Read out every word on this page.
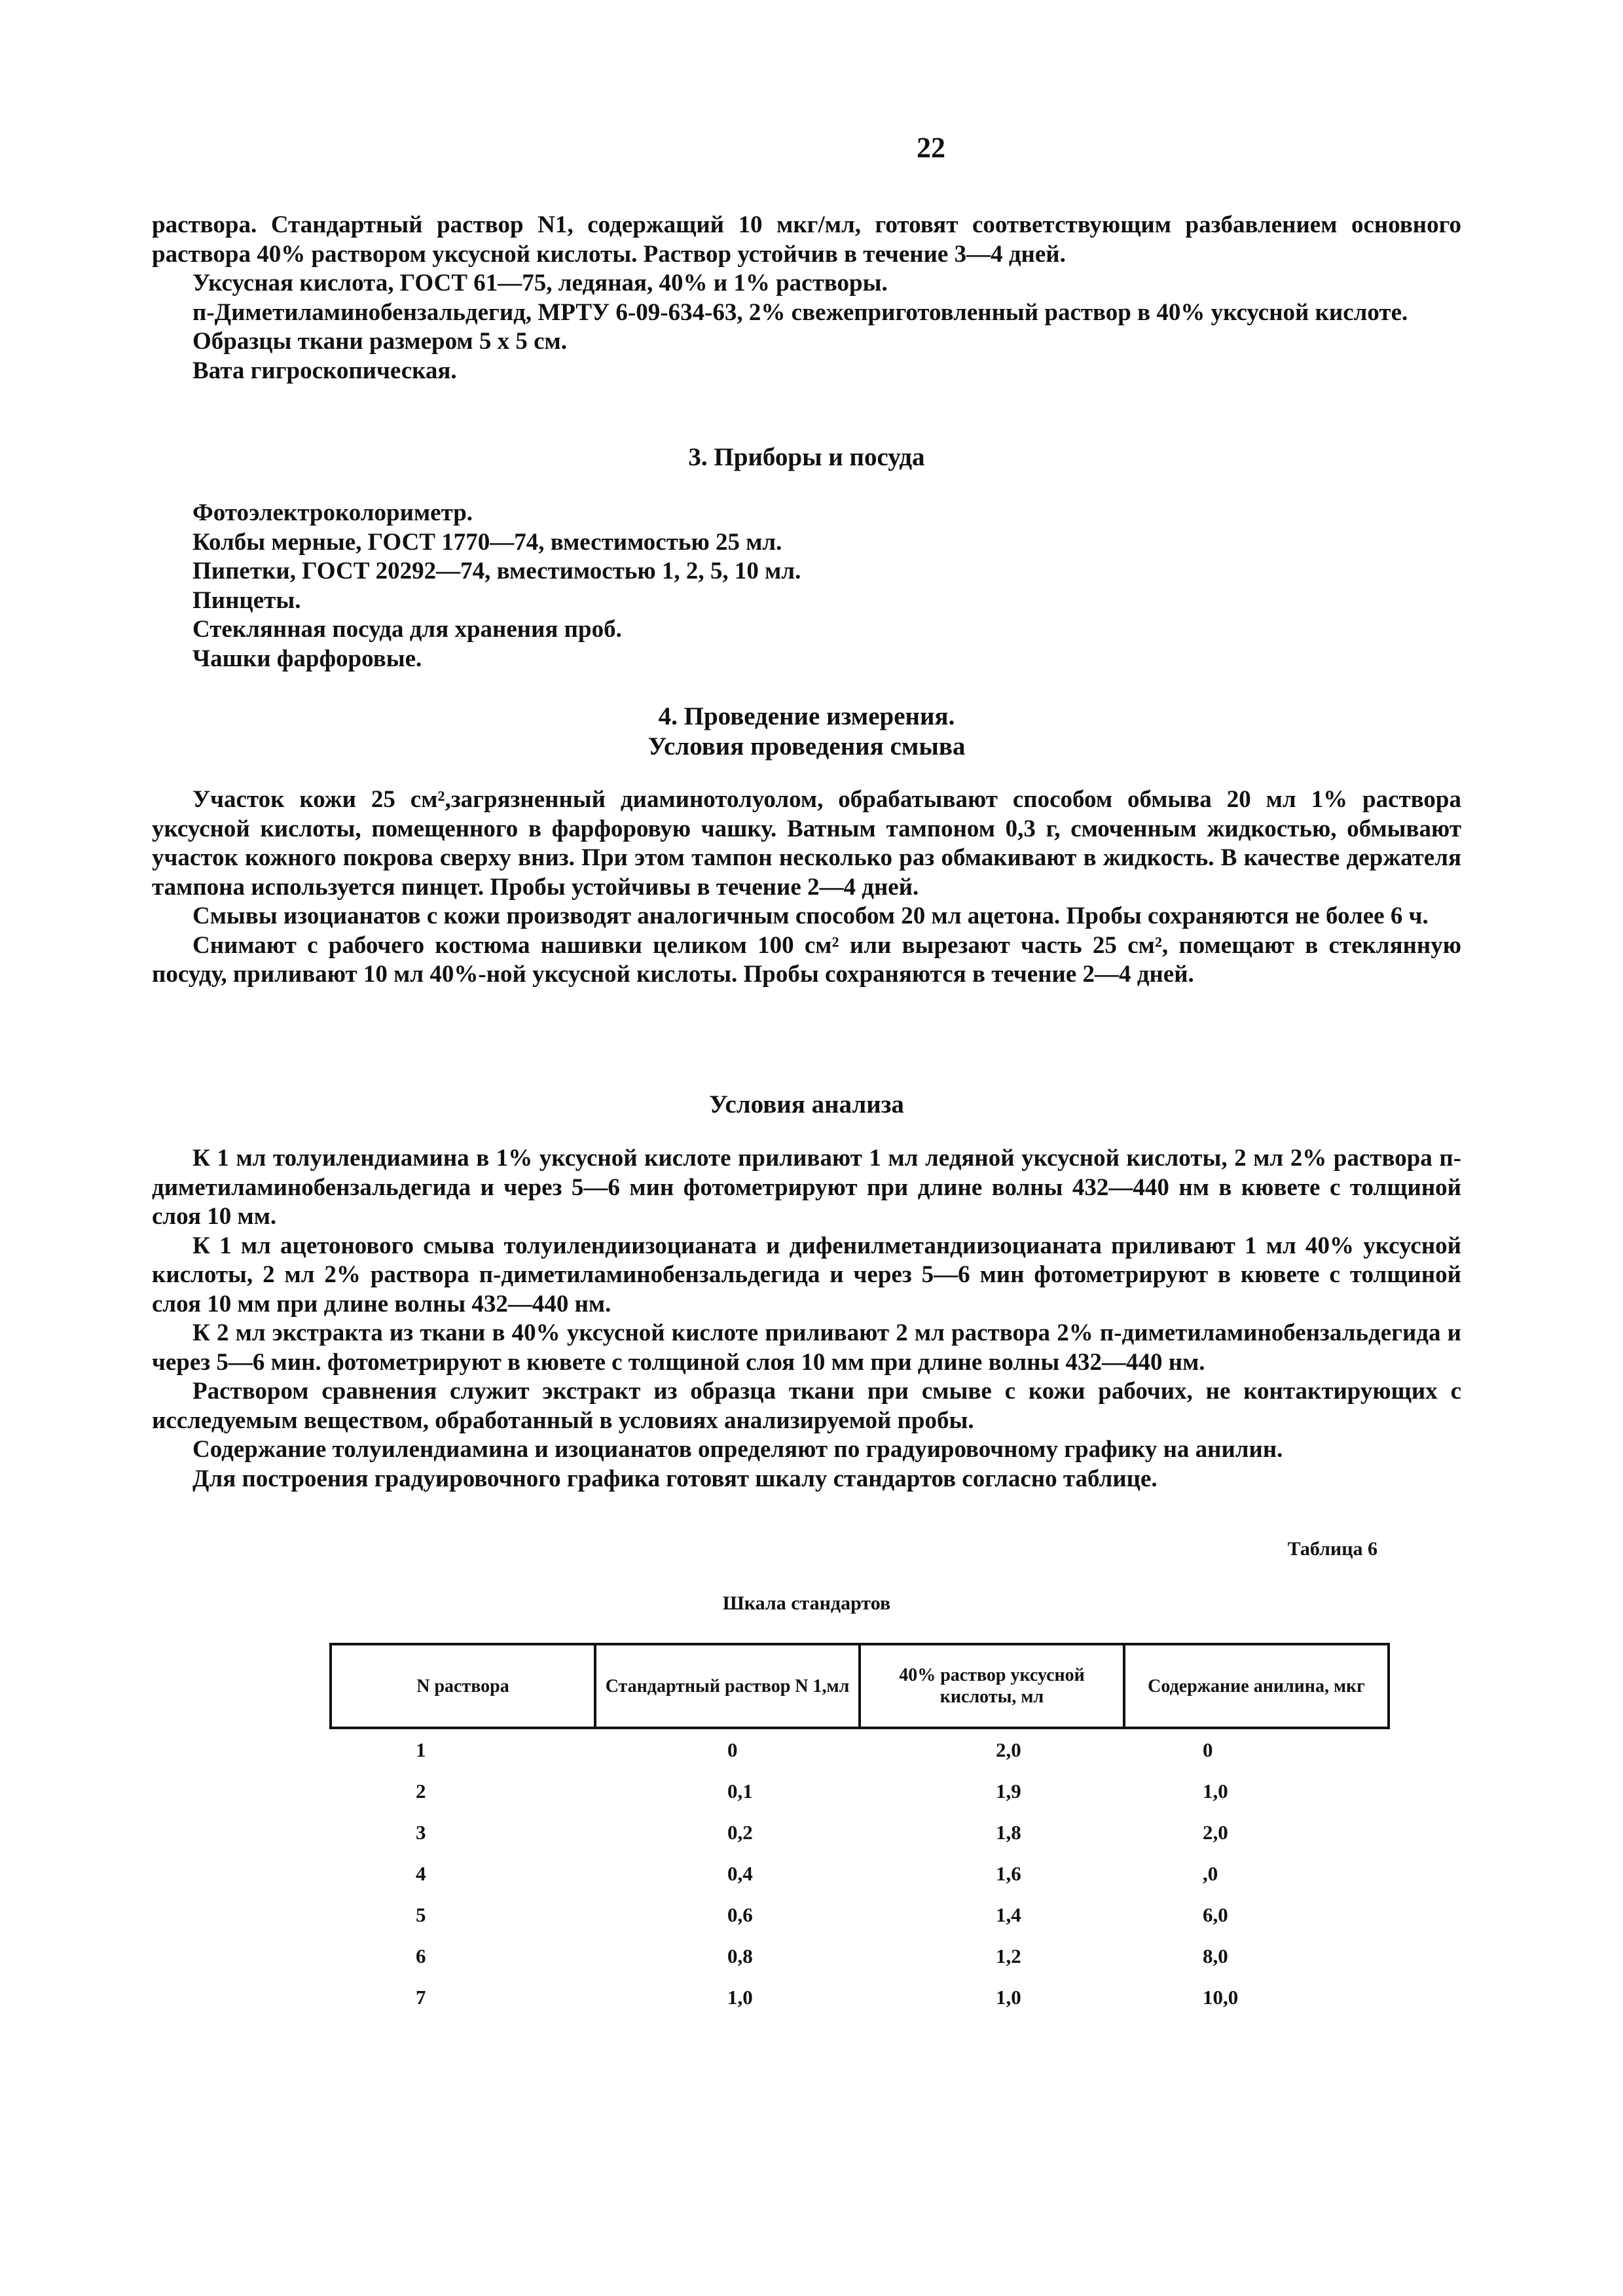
22

раствора. Стандартный раствор N1, содержащий 10 мкг/мл, готовят соответствующим разбавлением основного раствора 40% раствором уксусной кислоты. Раствор устойчив в течение 3—4 дней.

Уксусная кислота, ГОСТ 61—75, ледяная, 40% и 1% растворы.

п-Диметиламинобензальдегид, МРТУ 6-09-634-63, 2% свежеприготовленный раствор в 40% уксусной кислоте.

Образцы ткани размером 5 х 5 см.

Вата гигроскопическая.

3. Приборы и посуда

Фотоэлектроколориметр.

Колбы мерные, ГОСТ 1770—74, вместимостью 25 мл.

Пипетки, ГОСТ 20292—74, вместимостью 1, 2, 5, 10 мл.

Пинцеты.

Стеклянная посуда для хранения проб.

Чашки фарфоровые.

4. Проведение измерения.
Условия проведения смыва

Участок кожи 25 см²,загрязненный диаминотолуолом, обрабатывают способом обмыва 20 мл 1% раствора уксусной кислоты, помещенного в фарфоровую чашку. Ватным тампоном 0,3 г, смоченным жидкостью, обмывают участок кожного покрова сверху вниз. При этом тампон несколько раз обмакивают в жидкость. В качестве держателя тампона используется пинцет. Пробы устойчивы в течение 2—4 дней.

Смывы изоцианатов с кожи производят аналогичным способом 20 мл ацетона. Пробы сохраняются не более 6 ч.

Снимают с рабочего костюма нашивки целиком 100 см² или вырезают часть 25 см², помещают в стеклянную посуду, приливают 10 мл 40%-ной уксусной кислоты. Пробы сохраняются в течение 2—4 дней.

Условия анализа

К 1 мл толуилендиамина в 1% уксусной кислоте приливают 1 мл ледяной уксусной кислоты, 2 мл 2% раствора п-диметиламинобензальдегида и через 5—6 мин фотометрируют при длине волны 432—440 нм в кювете с толщиной слоя 10 мм.

К 1 мл ацетонового смыва толуилендиизоцианата и дифенилметандиизоцианата приливают 1 мл 40% уксусной кислоты, 2 мл 2% раствора п-диметиламинобензальдегида и через 5—6 мин фотометрируют в кювете с толщиной слоя 10 мм при длине волны 432—440 нм.

К 2 мл экстракта из ткани в 40% уксусной кислоте приливают 2 мл раствора 2% п-диметиламинобензальдегида и через 5—6 мин. фотометрируют в кювете с толщиной слоя 10 мм при длине волны 432—440 нм.

Раствором сравнения служит экстракт из образца ткани при смыве с кожи рабочих, не контактирующих с исследуемым веществом, обработанный в условиях анализируемой пробы.

Содержание толуилендиамина и изоцианатов определяют по градуировочному графику на анилин.

Для построения градуировочного графика готовят шкалу стандартов согласно таблице.

Таблица 6
Шкала стандартов
N раствора	Стандартный раствор N 1,мл	40% раствор уксусной кислоты, мл	Содержание анилина, мкг
1	0	2,0	0
2	0,1	1,9	1,0
3	0,2	1,8	2,0
4	0,4	1,6	,0
5	0,6	1,4	6,0
6	0,8	1,2	8,0
7	1,0	1,0	10,0
